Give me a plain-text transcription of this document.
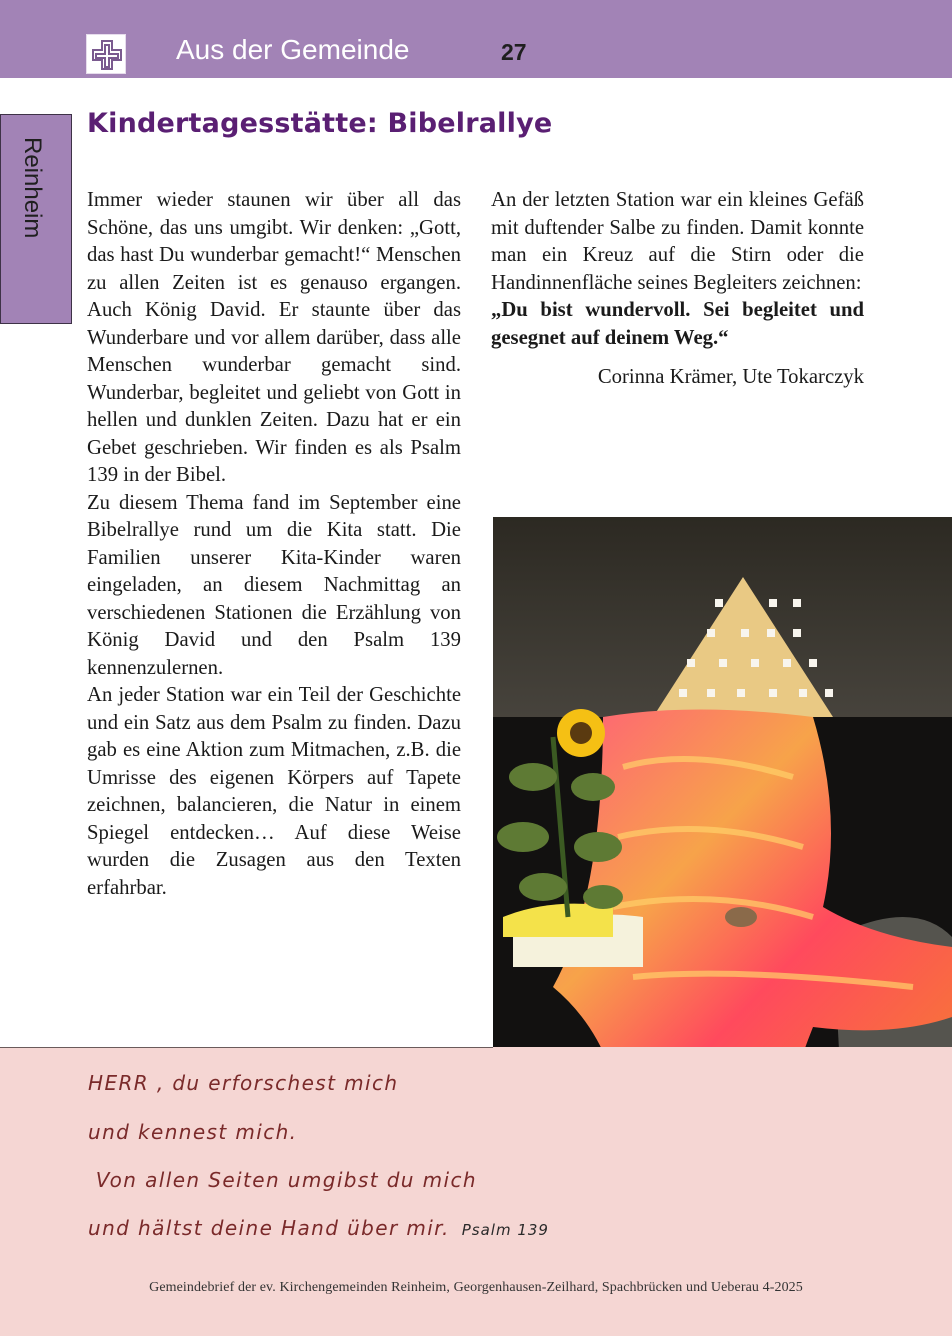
Aus der Gemeinde	27
Reinheim
Kindertagesstätte: Bibelrallye

Immer wieder staunen wir über all das Schöne, das uns umgibt. Wir denken: „Gott, das hast Du wunderbar gemacht!“ Menschen zu allen Zeiten ist es genauso ergangen. Auch König David. Er staunte über das Wunderbare und vor allem darüber, dass alle Menschen wunderbar gemacht sind. Wunderbar, begleitet und geliebt von Gott in hellen und dunklen Zeiten. Dazu hat er ein Gebet geschrieben. Wir finden es als Psalm 139 in der Bibel.

Zu diesem Thema fand im September eine Bibelrallye rund um die Kita statt. Die Familien unserer Kita-Kinder waren eingeladen, an diesem Nachmittag an verschiedenen Stationen die Erzählung von König David und den Psalm 139 kennenzulernen.

An jeder Station war ein Teil der Geschichte und ein Satz aus dem Psalm zu finden. Dazu gab es eine Aktion zum Mitmachen, z.B. die Umrisse des eigenen Körpers auf Tapete zeichnen, balancieren, die Natur in einem Spiegel entdecken… Auf diese Weise wurden die Zusagen aus den Texten erfahrbar.

An der letzten Station war ein kleines Gefäß mit duftender Salbe zu finden. Damit konnte man ein Kreuz auf die Stirn oder die Handinnenfläche seines Begleiters zeichnen:

„Du bist wundervoll. Sei begleitet und gesegnet auf deinem Weg.“

Corinna Krämer, Ute Tokarczyk

HERR , du erforschest mich
und kennest mich.
Von allen Seiten umgibst du mich
und hältst deine Hand über mir. Psalm 139
Gemeindebrief der ev. Kirchengemeinden Reinheim, Georgenhausen-Zeilhard, Spachbrücken und Ueberau 4-2025
